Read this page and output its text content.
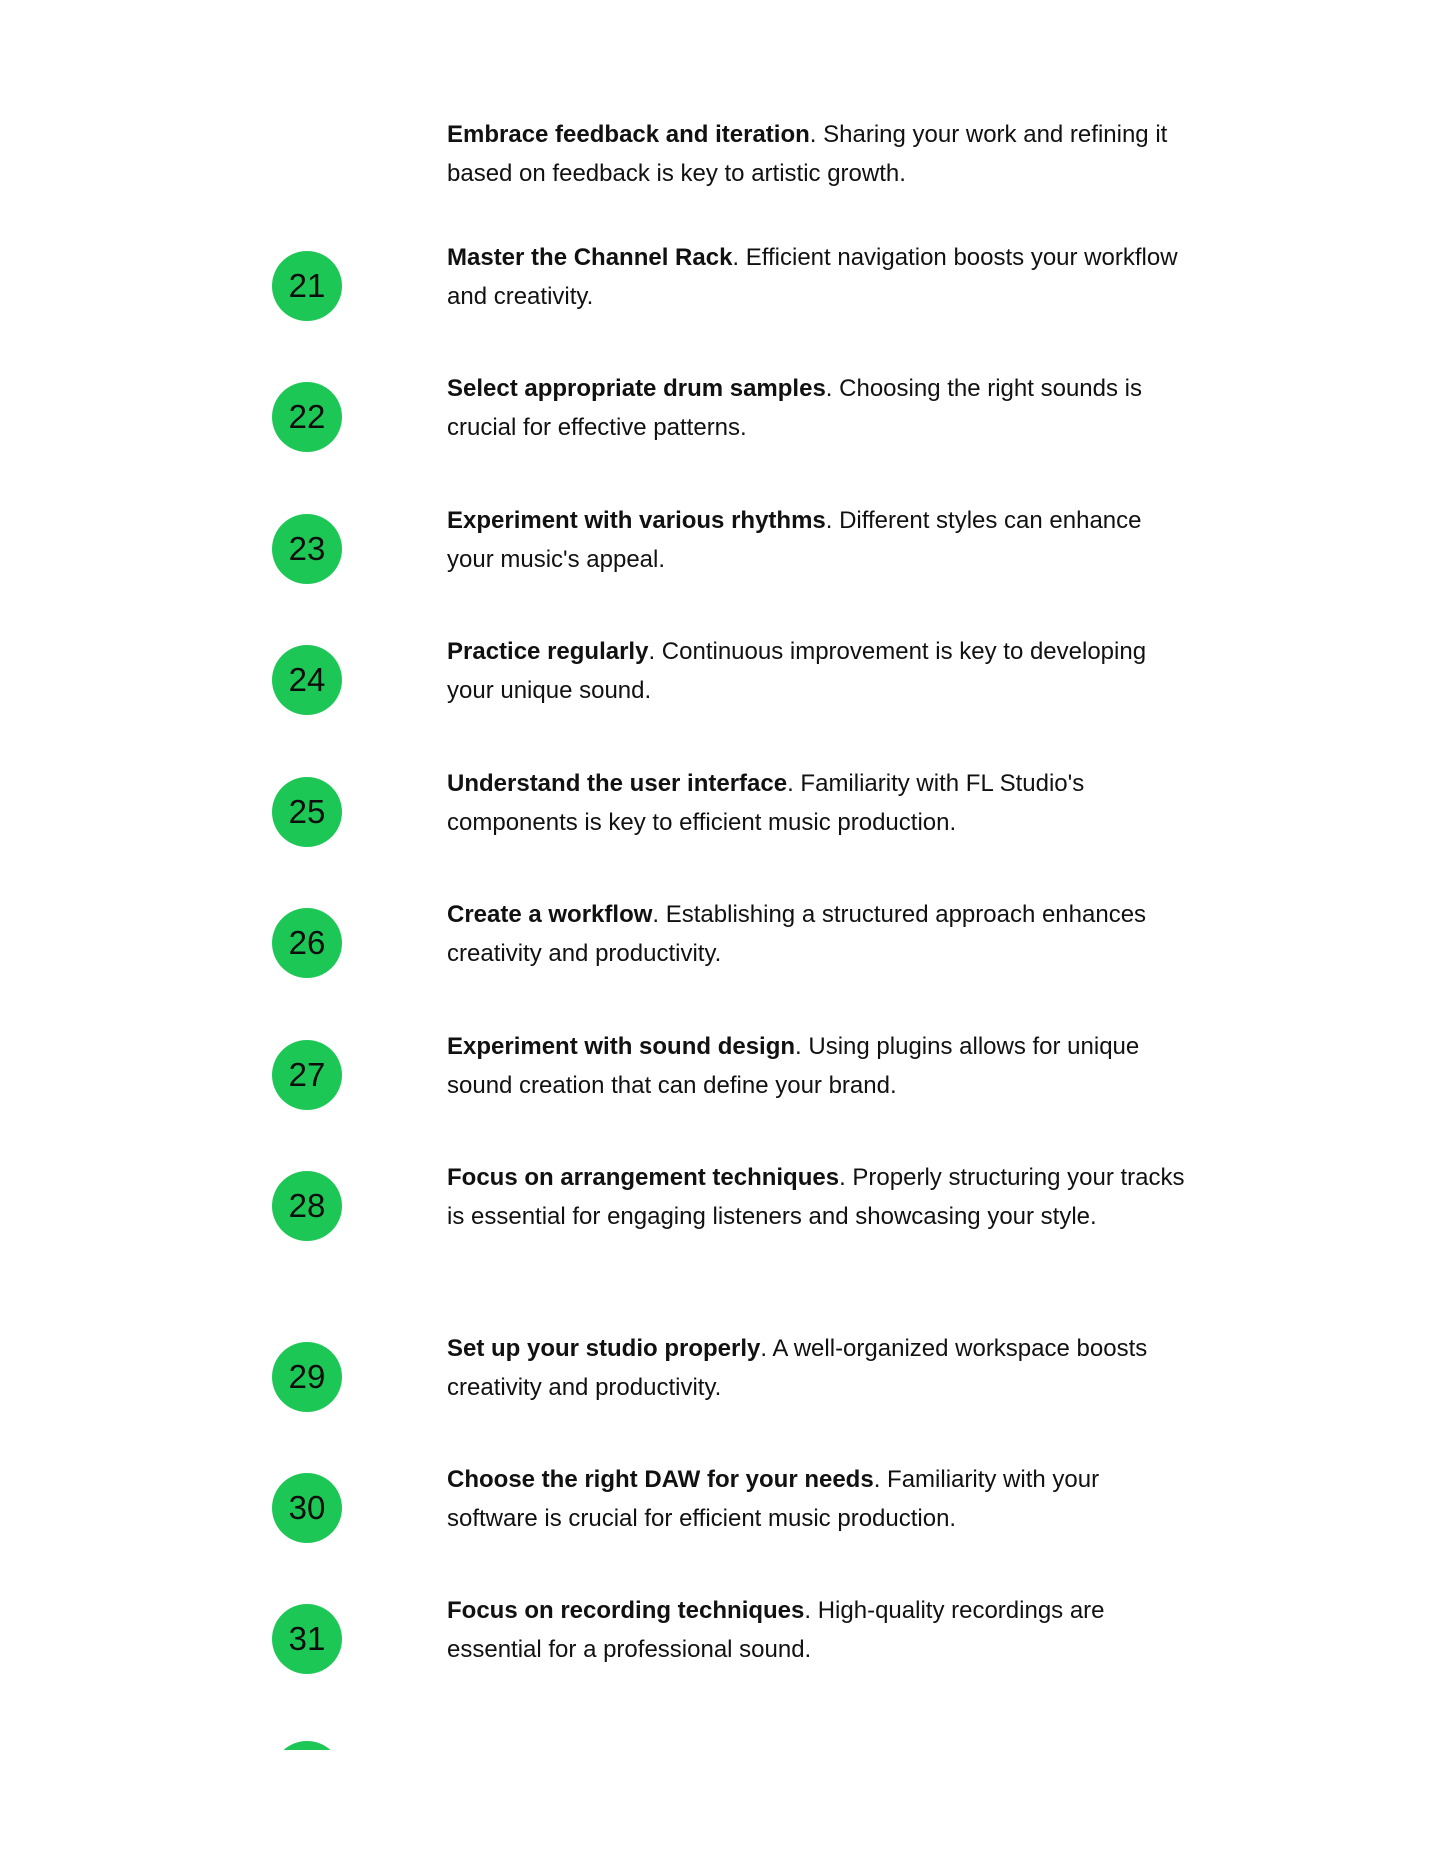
Embrace feedback and iteration. Sharing your work and refining it based on feedback is key to artistic growth.
21
Master the Channel Rack. Efficient navigation boosts your workflow and creativity.
22
Select appropriate drum samples. Choosing the right sounds is crucial for effective patterns.
23
Experiment with various rhythms. Different styles can enhance your music's appeal.
24
Practice regularly. Continuous improvement is key to developing your unique sound.
25
Understand the user interface. Familiarity with FL Studio's components is key to efficient music production.
26
Create a workflow. Establishing a structured approach enhances creativity and productivity.
27
Experiment with sound design. Using plugins allows for unique sound creation that can define your brand.
28
Focus on arrangement techniques. Properly structuring your tracks is essential for engaging listeners and showcasing your style.
29
Set up your studio properly. A well-organized workspace boosts creativity and productivity.
30
Choose the right DAW for your needs. Familiarity with your software is crucial for efficient music production.
31
Focus on recording techniques. High-quality recordings are essential for a professional sound.
